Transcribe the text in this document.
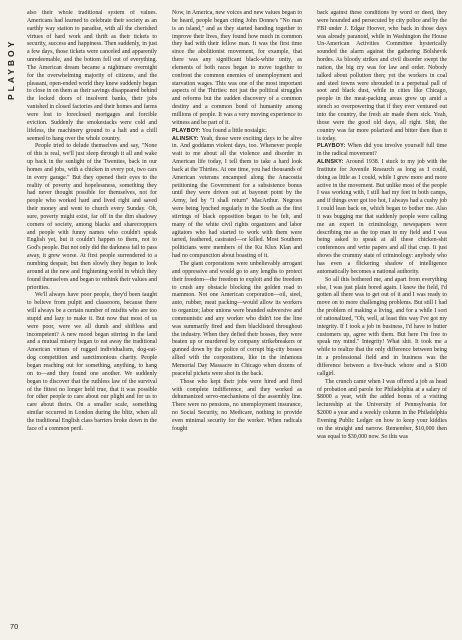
PLAYBOY

also their whole traditional system of values. Americans had learned to celebrate their society as an earthly way station to paradise, with all the cherished virtues of hard work and thrift as their tickets to security, success and happiness. Then suddenly, in just a few days, those tickets were canceled and apparently unredeemable, and the bottom fell out of everything. The American dream became a nightmare overnight for the overwhelming majority of citizens, and the pleasant, open-ended world they knew suddenly began to close in on them as their savings disappeared behind the locked doors of insolvent banks, their jobs vanished in closed factories and their homes and farms were lost to foreclosed mortgages and forcible eviction. Suddenly the smokestacks were cold and lifeless, the machinery ground to a halt and a chill seemed to hang over the whole country.

People tried to delude themselves and say, "None of this is real, we'll just sleep through it all and wake up back in the sunlight of the Twenties, back in our homes and jobs, with a chicken in every pot, two cars in every garage." But they opened their eyes to the reality of poverty and hopelessness, something they had never thought possible for themselves, not for people who worked hard and lived right and saved their money and went to church every Sunday. Oh, sure, poverty might exist, far off in the dim shadowy corners of society, among blacks and sharecroppers and people with funny names who couldn't speak English yet, but it couldn't happen to them, not to God's people. But not only did the darkness fail to pass away, it grew worse. At first people surrendered to a numbing despair, but then slowly they began to look around at the new and frightening world in which they found themselves and began to rethink their values and priorities.

We'll always have poor people, they'd been taught to believe from pulpit and classroom, because there will always be a certain number of misfits who are too stupid and lazy to make it. But now that most of us were poor, were we all dumb and shiftless and incompetent? A new mood began stirring in the land and a mutual misery began to eat away the traditional American virtues of rugged individualism, dog-eat-dog competition and sanctimonious charity. People began reaching out for something, anything, to hang on to—and they found one another. We suddenly began to discover that the ruthless law of the survival of the fittest no longer held true, that it was possible for other people to care about our plight and for us to care about theirs. On a smaller scale, something similar occurred in London during the blitz, when all the traditional English class barriers broke down in the face of a common peril.

Now, in America, new voices and new values began to be heard, people began citing John Donne's "No man is an island," and as they started banding together to improve their lives, they found how much in common they had with their fellow man. It was the first time since the abolitionist movement, for example, that there was any significant black-white unity, as elements of both races began to move together to confront the common enemies of unemployment and starvation wages. This was one of the most important aspects of the Thirties: not just the political struggles and reforms but the sudden discovery of a common destiny and a common bond of humanity among millions of people. It was a very moving experience to witness and be part of it.

PLAYBOY: You found a little nostalgic.

ALINSKY: Yeah, those were exciting days to be alive in. And goddamn violent days, too. Whenever people wait to me about all the violence and disorder in American life today, I tell them to take a hard look back at the Thirties. At one time, you had thousands of American veterans encamped along the Anacostia petitioning the Government for a subsistence bonus until they were driven out at bayonet point by the Army, led by "I shall return" MacArthur. Negroes were being lynched regularly in the South as the first stirrings of black opposition began to be felt, and many of the white civil rights organizers and labor agitators who had started to work with them were tarred, feathered, castrated—or killed. Most Southern politicians were members of the Ku Klux Klan and had no compunction about boasting of it.

The giant corporations were unbelievably arrogant and oppressive and would go to any lengths to protect their freedom—the freedom to exploit and the freedom to crush any obstacle blocking the golden road to mammon. Not one American corporation—oil, steel, auto, rubber, meat packing—would allow its workers to organize; labor unions were branded subversive and communistic and any worker who didn't toe the line was summarily fired and then blacklisted throughout the industry. When they defied their bosses, they were beaten up or murdered by company strikebreakers or gunned down by the police of corrupt big-city bosses allied with the corporations, like in the infamous Memorial Day Massacre in Chicago when dozens of peaceful pickets were shot in the back.

Those who kept their jobs were hired and fired with complete indifference, and they worked as dehumanized servo-mechanisms of the assembly line. There were no pensions, no unemployment insurance, no Social Security, no Medicare, nothing to provide even minimal security for the worker. When radicals fought

back against these conditions by word or deed, they were hounded and persecuted by city police and by the FBI under J. Edgar Hoover, who back in those days was already paranoid, while in Washington the House Un-American Activities Committee hysterically sounded the alarm against the gathering Bolshevik hordes. As bloody strikes and civil disorder swept the nation, the big cry was for law and order. Nobody talked about pollution then; yet the workers in coal and steel towns were shrouded in a perpetual pall of soot and black dust, while in cities like Chicago, people in the meat-packing areas grew up amid a stench so overpowering that if they ever ventured out into the country, the fresh air made them sick. Yeah, those were the good old days, all right. Shit, the country was far more polarized and bitter then than it is today.

PLAYBOY: When did you involve yourself full time in the radical movement?

ALINSKY: Around 1938. I stuck to my job with the Institute for Juvenile Research as long as I could, doing as little as I could, while I grew more and more active in the movement. But unlike most of the people I was working with, I still had my feet in both camps, and if things ever got too hot, I always had a cushy job I could lean back on, which began to bother me. Also it was bugging me that suddenly people were calling me an expert in criminology, newspapers were describing me as the top man in my field and I was being asked to speak at all these chicken-shit conferences and write papers and all that crap. It just shows the crummy state of criminology: anybody who has even a flickering shadow of intelligence automatically becomes a national authority.

So all this bothered me, and apart from everything else, I was just plain bored again. I knew the field, I'd gotten all there was to get out of it and I was ready to move on to more challenging problems. But still I had the problem of making a living, and for a while I sort of rationalized, "Oh, well, at least this way I've got my integrity. If I took a job in business, I'd have to butter customers up, agree with them. But here I'm free to speak my mind." Integrity! What shit. It took me a while to realize that the only difference between being in a professional field and in business was the difference between a five-buck whore and a $100 callgirl.

The crunch came when I was offered a job as head of probation and parole for Philadelphia at a salary of $8000 a year, with the added bonus of a visiting lectureship at the University of Pennsylvania for $2000 a year and a weekly column in the Philadelphia Evening Public Ledger on how to keep your kiddies on the straight and narrow. Remember, $10,000 then was equal to $30,000 now. So this was

70
